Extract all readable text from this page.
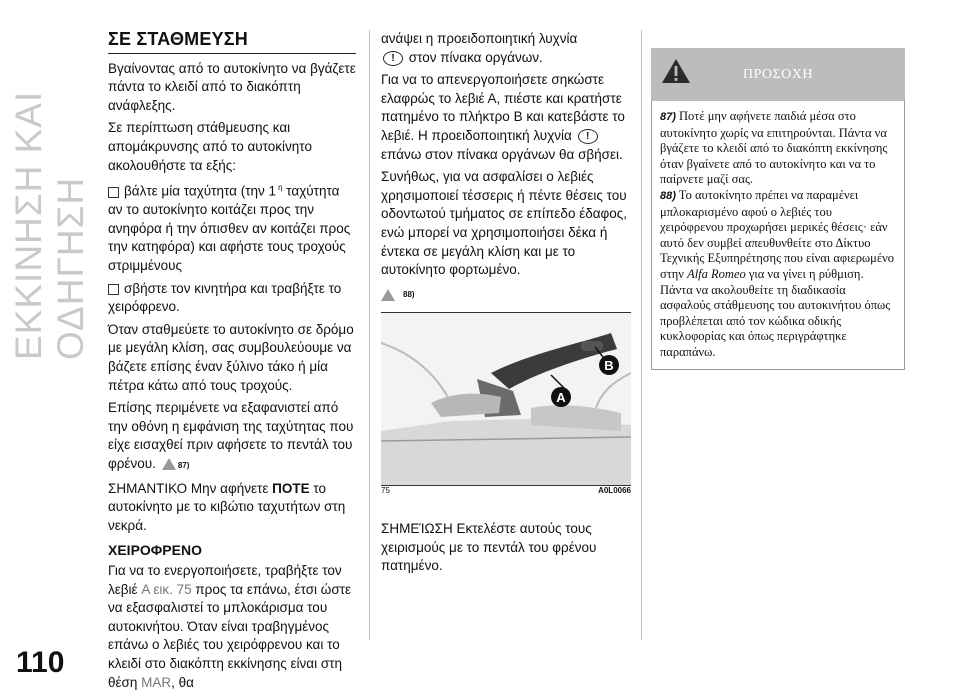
ΕΚΚΙΝΗΣΗ ΚΑΙ ΟΔΗΓΗΣΗ
110
ΣΕ ΣΤΑΘΜΕΥΣΗ

Βγαίνοντας από το αυτοκίνητο να βγάζετε πάντα το κλειδί από το διακόπτη ανάφλεξης.

Σε περίπτωση στάθμευσης και απομάκρυνσης από το αυτοκίνητο ακολουθήστε τα εξής:

βάλτε μία ταχύτητα (την 1 $^\eta$ ταχύτητα αν το αυτοκίνητο κοιτάζει προς την ανηφόρα ή την όπισθεν αν κοιτάζει προς την κατηφόρα) και αφήστε τους τροχούς στριμμένους

σβήστε τον κινητήρα και τραβήξτε το χειρόφρενο.

Όταν σταθμεύετε το αυτοκίνητο σε δρόμο με μεγάλη κλίση, σας συμβουλεύουμε να βάζετε επίσης έναν ξύλινο τάκο ή μία πέτρα κάτω από τους τροχούς.

Επίσης περιμένετε να εξαφανιστεί από την οθόνη η εμφάνιση της ταχύτητας που είχε εισαχθεί πριν αφήσετε το πεντάλ του φρένου.	87)

ΣΗΜΑΝΤΙΚΟ Μην αφήνετε ΠΟΤΕ το αυτοκίνητο με το κιβώτιο ταχυτήτων στη νεκρά.

ΧΕΙΡΟΦΡΕΝΟ

Για να το ενεργοποιήσετε, τραβήξτε τον λεβιέ Α εικ. 75 προς τα επάνω, έτσι ώστε να εξασφαλιστεί το μπλοκάρισμα του αυτοκινήτου. Όταν είναι τραβηγμένος επάνω ο λεβιές του χειρόφρενου και το κλειδί στο διακόπτη εκκίνησης είναι στη θέση MAR, θα

ανάψει η προειδοποιητική λυχνία
! στον πίνακα οργάνων.

Για να το απενεργοποιήσετε σηκώστε ελαφρώς το λεβιέ Α, πιέστε και κρατήστε πατημένο το πλήκτρο Β και κατεβάστε το λεβιέ. Η προειδοποιητική λυχνία ! επάνω στον πίνακα οργάνων θα σβήσει.

Συνήθως, για να ασφαλίσει ο λεβιές χρησιμοποιεί τέσσερις ή πέντε θέσεις του οδοντωτού τμήματος σε επίπεδο έδαφος, ενώ μπορεί να χρησιμοποιήσει δέκα ή έντεκα σε μεγάλη κλίση και με το αυτοκίνητο φορτωμένο.

88)
A
B
75	A0L0066
ΣΗΜΕΊΩΣΗ Εκτελέστε αυτούς τους χειρισμούς με το πεντάλ του φρένου πατημένο.
ΠΡΟΣΟΧΗ

87) Ποτέ μην αφήνετε παιδιά μέσα στο αυτοκίνητο χωρίς να επιτηρούνται. Πάντα να βγάζετε το κλειδί από το διακόπτη εκκίνησης όταν βγαίνετε από το αυτοκίνητο και να το παίρνετε μαζί σας.

88) Το αυτοκίνητο πρέπει να παραμένει μπλοκαρισμένο αφού ο λεβιές του χειρόφρενου προχωρήσει μερικές θέσεις· εάν αυτό δεν συμβεί απευθυνθείτε στο Δίκτυο Τεχνικής Εξυπηρέτησης που είναι αφιερωμένο στην Alfa Romeo για να γίνει η ρύθμιση. Πάντα να ακολουθείτε τη διαδικασία ασφαλούς στάθμευσης του αυτοκινήτου όπως προβλέπεται από τον κώδικα οδικής κυκλοφορίας και όπως περιγράφτηκε παραπάνω.
